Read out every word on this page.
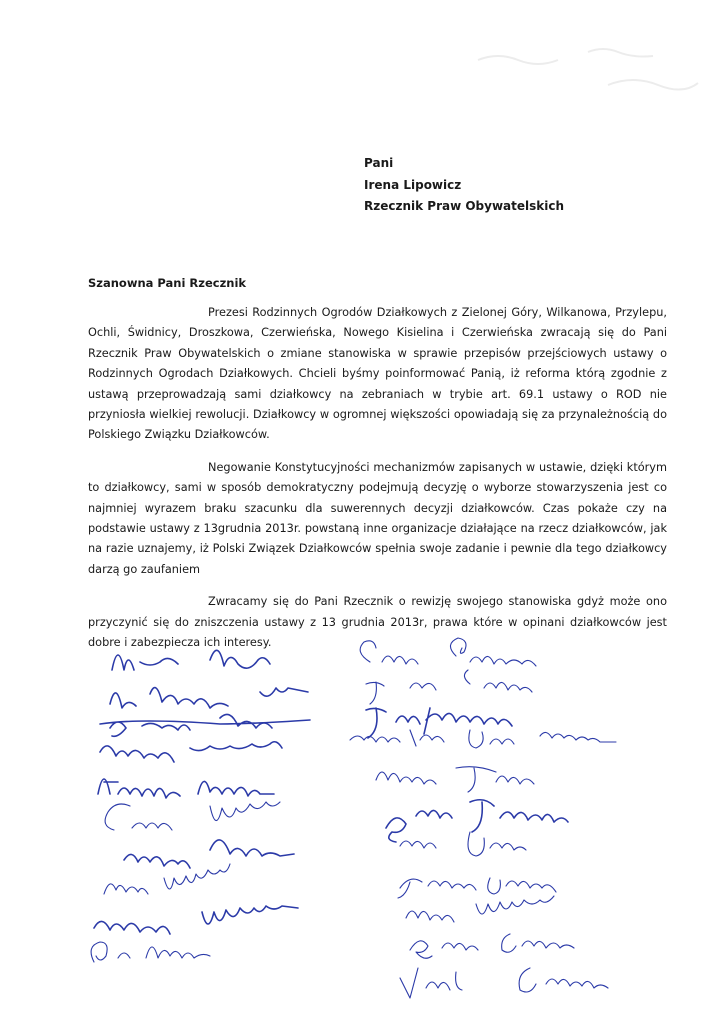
Pani
Irena Lipowicz
Rzecznik Praw Obywatelskich
Szanowna Pani Rzecznik

Prezesi Rodzinnych Ogrodów Działkowych z Zielonej Góry, Wilkanowa, Przylepu, Ochli, Świdnicy, Droszkowa, Czerwieńska, Nowego Kisielina i Czerwieńska zwracają się do Pani Rzecznik Praw Obywatelskich o zmiane stanowiska w sprawie przepisów przejściowych ustawy o Rodzinnych Ogrodach Działkowych. Chcieli byśmy poinformować Panią, iż reforma którą zgodnie z ustawą przeprowadzają sami działkowcy na zebraniach w trybie art. 69.1 ustawy o ROD nie przyniosła wielkiej rewolucji. Działkowcy w ogromnej większości opowiadają się za przynależnością do Polskiego Związku Działkowców.

Negowanie Konstytucyjności mechanizmów zapisanych w ustawie, dzięki którym to działkowcy, sami w sposób demokratyczny podejmują decyzję o wyborze stowarzyszenia jest co najmniej wyrazem braku szacunku dla suwerennych decyzji działkowców. Czas pokaże czy na podstawie ustawy z 13grudnia 2013r. powstaną inne organizacje działające na rzecz działkowców, jak na razie uznajemy, iż Polski Związek Działkowców spełnia swoje zadanie i pewnie dla tego działkowcy darzą go zaufaniem

Zwracamy się do Pani Rzecznik o rewizję swojego stanowiska gdyż może ono przyczynić się do zniszczenia ustawy z 13 grudnia 2013r, prawa które w opinani działkowców jest dobre i zabezpiecza ich interesy.
